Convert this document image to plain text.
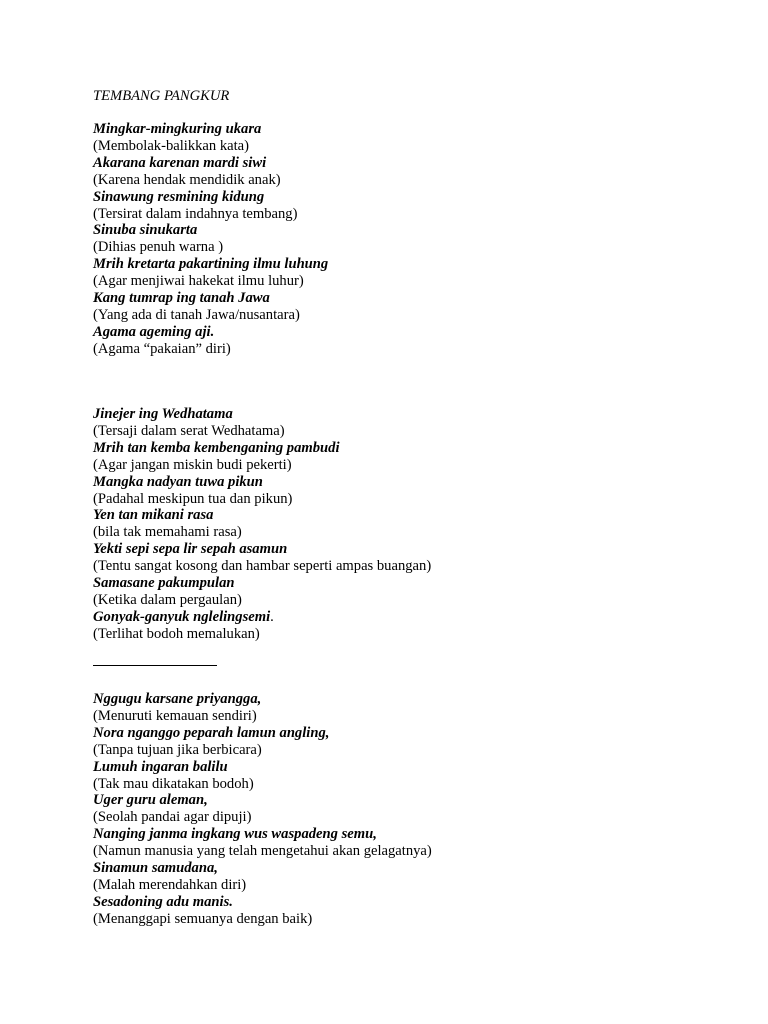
TEMBANG PANGKUR
Mingkar-mingkuring ukara
(Membolak-balikkan kata)
Akarana karenan mardi siwi
(Karena hendak mendidik anak)
Sinawung resmining kidung
(Tersirat dalam indahnya tembang)
Sinuba sinukarta
(Dihias penuh warna )
Mrih kretarta pakartining ilmu luhung
(Agar menjiwai hakekat ilmu luhur)
Kang tumrap ing tanah Jawa
(Yang ada di tanah Jawa/nusantara)
Agama ageming aji.
(Agama “pakaian” diri)
Jinejer ing Wedhatama
(Tersaji dalam serat Wedhatama)
Mrih tan kemba kembenganing pambudi
(Agar jangan miskin budi pekerti)
Mangka nadyan tuwa pikun
(Padahal meskipun tua dan pikun)
Yen tan mikani rasa
(bila tak memahami rasa)
Yekti sepi sepa lir sepah asamun
(Tentu sangat kosong dan hambar seperti ampas buangan)
Samasane pakumpulan
(Ketika dalam pergaulan)
Gonyak-ganyuk nglelingsemi.
(Terlihat bodoh memalukan)
Nggugu karsane priyangga,
(Menuruti kemauan sendiri)
Nora nganggo peparah lamun angling,
(Tanpa tujuan jika berbicara)
Lumuh ingaran balilu
(Tak mau dikatakan bodoh)
Uger guru aleman,
(Seolah pandai agar dipuji)
Nanging janma ingkang wus waspadeng semu,
(Namun manusia yang telah mengetahui akan gelagatnya)
Sinamun samudana,
(Malah merendahkan diri)
Sesadoning adu manis.
(Menanggapi semuanya dengan baik)
